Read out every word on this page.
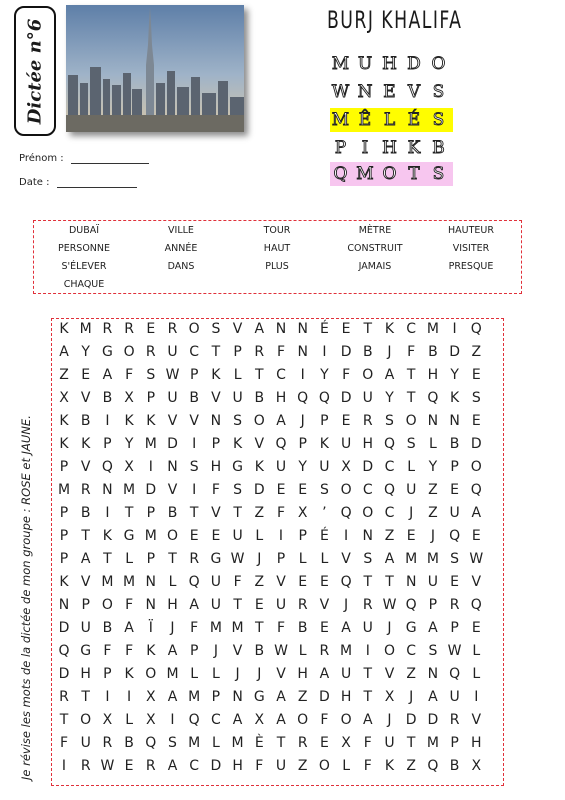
Dictée n°6
Prénom :
Date :
BURJ KHALIFA
M U H D O
W N E V S
M Ê L É S
P I H K B
Q M O T S
DUBAÏ	VILLE	TOUR	MÈTRE	HAUTEUR
PERSONNE	ANNÉE	HAUT	CONSTRUIT	VISITER
S'ÉLEVER	DANS	PLUS	JAMAIS	PRESQUE
CHAQUE
Je révise les mots de la dictée de mon groupe : ROSE et JAUNE.
K M R R E R O S V A N N É E T K C M I	Q
A Y G O R U C T P R F N	I	D B	J	F B D Z
Z E A F S W P K L T C	I	Y F O A T H Y E
X V B X P U B V U B H Q Q D U Y T Q K S
K B	I	K K V V N S O A	J	P E R S O N N E
K K P Y M D	I	P K V Q P K U H Q S L B D
P V Q X	I	N S H G K U Y U X D C L Y P O
M R N M D V	I	F S D E E S O C Q U Z E Q
P B	I	T P B T V T Z F X	’ Q O C	J	Z U A
P T K G M O E E U L	I	P É	I	N Z E	J	Q E
P A T L P T R G W J	P L L V S A M M S W
K V M M N L Q U F Z V E E Q T T N U E V
N P O F N H A U T E U R V	J	R W Q P R Q
D U B A	Ï	J	F M M T F B E A U	J	G A P E
Q G F F K A P	J	V B W L R M I	O C S W L
D H P K O M L L	J	J	V H A U T V Z N Q L
R T	I	I	X A M P N G A Z D H T X	J	A U	I
T O X L X	I	Q C A X A O F O A	J	D D R V
F U R B Q S M L M È T R E X F U T M P H
I	R W E R A C D H F U Z O L F K Z Q B X
